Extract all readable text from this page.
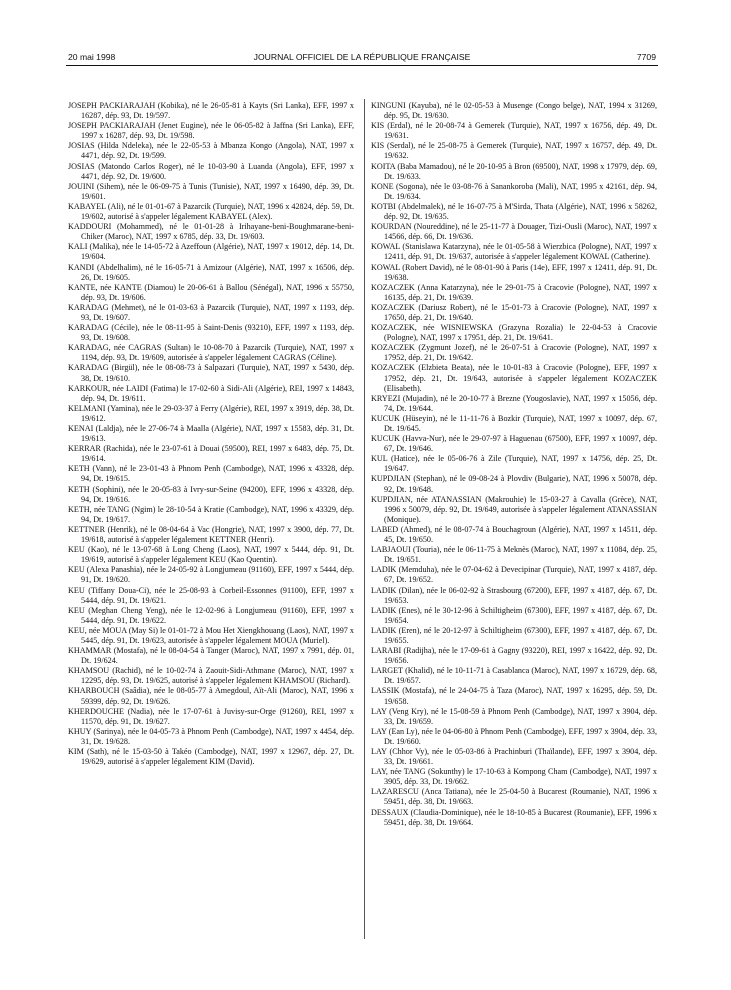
20 mai 1998	JOURNAL OFFICIEL DE LA RÉPUBLIQUE FRANÇAISE	7709

JOSEPH PACKIARAJAH (Kobika), né le 26-05-81 à Kayts (Sri Lanka), EFF, 1997 x 16287, dép. 93, Dt. 19/597.

JOSEPH PACKIARAJAH (Jenet Eugine), née le 06-05-82 à Jaffna (Sri Lanka), EFF, 1997 x 16287, dép. 93, Dt. 19/598.

JOSIAS (Hilda Ndeleka), née le 22-05-53 à Mbanza Kongo (Angola), NAT, 1997 x 4471, dép. 92, Dt. 19/599.

JOSIAS (Matondo Carlos Roger), né le 10-03-90 à Luanda (Angola), EFF, 1997 x 4471, dép. 92, Dt. 19/600.

JOUINI (Sihem), née le 06-09-75 à Tunis (Tunisie), NAT, 1997 x 16490, dép. 39, Dt. 19/601.

KABAYEL (Ali), né le 01-01-67 à Pazarcik (Turquie), NAT, 1996 x 42824, dép. 59, Dt. 19/602, autorisé à s'appeler légalement KABAYEL (Alex).

KADDOURI (Mohammed), né le 01-01-28 à Irihayane-beni-Boughmarane-beni-Chiker (Maroc), NAT, 1997 x 6785, dép. 33, Dt. 19/603.

KALI (Malika), née le 14-05-72 à Azeffoun (Algérie), NAT, 1997 x 19012, dép. 14, Dt. 19/604.

KANDI (Abdelhalim), né le 16-05-71 à Amizour (Algérie), NAT, 1997 x 16506, dép. 26, Dt. 19/605.

KANTE, née KANTE (Diamou) le 20-06-61 à Ballou (Sénégal), NAT, 1996 x 55750, dép. 93, Dt. 19/606.

KARADAG (Mehmet), né le 01-03-63 à Pazarcik (Turquie), NAT, 1997 x 1193, dép. 93, Dt. 19/607.

KARADAG (Cécile), née le 08-11-95 à Saint-Denis (93210), EFF, 1997 x 1193, dép. 93, Dt. 19/608.

KARADAG, née CAGRAS (Sultan) le 10-08-70 à Pazarcik (Turquie), NAT, 1997 x 1194, dép. 93, Dt. 19/609, autorisée à s'appeler légalement CAGRAS (Céline).

KARADAG (Birgül), née le 08-08-73 à Salpazari (Turquie), NAT, 1997 x 5430, dép. 38, Dt. 19/610.

KARKOUR, née LAIDI (Fatima) le 17-02-60 à Sidi-Ali (Algérie), REI, 1997 x 14843, dép. 94, Dt. 19/611.

KELMANI (Yamina), née le 29-03-37 à Ferry (Algérie), REI, 1997 x 3919, dép. 38, Dt. 19/612.

KENAI (Laldja), née le 27-06-74 à Maalla (Algérie), NAT, 1997 x 15583, dép. 31, Dt. 19/613.

KERRAR (Rachida), née le 23-07-61 à Douai (59500), REI, 1997 x 6483, dép. 75, Dt. 19/614.

KETH (Vann), né le 23-01-43 à Phnom Penh (Cambodge), NAT, 1996 x 43328, dép. 94, Dt. 19/615.

KETH (Sophini), née le 20-05-83 à Ivry-sur-Seine (94200), EFF, 1996 x 43328, dép. 94, Dt. 19/616.

KETH, née TANG (Ngim) le 28-10-54 à Kratie (Cambodge), NAT, 1996 x 43329, dép. 94, Dt. 19/617.

KETTNER (Henrik), né le 08-04-64 à Vac (Hongrie), NAT, 1997 x 3900, dép. 77, Dt. 19/618, autorisé à s'appeler légalement KETTNER (Henri).

KEU (Kao), né le 13-07-68 à Long Cheng (Laos), NAT, 1997 x 5444, dép. 91, Dt. 19/619, autorisé à s'appeler légalement KEU (Kao Quentin).

KEU (Alexa Panashia), née le 24-05-92 à Longjumeau (91160), EFF, 1997 x 5444, dép. 91, Dt. 19/620.

KEU (Tiffany Doua-Ci), née le 25-08-93 à Corbeil-Essonnes (91100), EFF, 1997 x 5444, dép. 91, Dt. 19/621.

KEU (Meghan Cheng Yeng), née le 12-02-96 à Longjumeau (91160), EFF, 1997 x 5444, dép. 91, Dt. 19/622.

KEU, née MOUA (May Si) le 01-01-72 à Mou Het Xiengkhouang (Laos), NAT, 1997 x 5445, dép. 91, Dt. 19/623, autorisée à s'appeler légalement MOUA (Muriel).

KHAMMAR (Mostafa), né le 08-04-54 à Tanger (Maroc), NAT, 1997 x 7991, dép. 01, Dt. 19/624.

KHAMSOU (Rachid), né le 10-02-74 à Zaouit-Sidi-Athmane (Maroc), NAT, 1997 x 12295, dép. 93, Dt. 19/625, autorisé à s'appeler légalement KHAMSOU (Richard).

KHARBOUCH (Saâdia), née le 08-05-77 à Amegdoul, Aït-Ali (Maroc), NAT, 1996 x 59399, dép. 92, Dt. 19/626.

KHERDOUCHE (Nadia), née le 17-07-61 à Juvisy-sur-Orge (91260), REI, 1997 x 11570, dép. 91, Dt. 19/627.

KHUY (Sarinya), née le 04-05-73 à Phnom Penh (Cambodge), NAT, 1997 x 4454, dép. 31, Dt. 19/628.

KIM (Sath), né le 15-03-50 à Takéo (Cambodge), NAT, 1997 x 12967, dép. 27, Dt. 19/629, autorisé à s'appeler légalement KIM (David).

KINGUNI (Kayuba), né le 02-05-53 à Musenge (Congo belge), NAT, 1994 x 31269, dép. 95, Dt. 19/630.

KIS (Erdal), né le 20-08-74 à Gemerek (Turquie), NAT, 1997 x 16756, dép. 49, Dt. 19/631.

KIS (Serdal), né le 25-08-75 à Gemerek (Turquie), NAT, 1997 x 16757, dép. 49, Dt. 19/632.

KOITA (Baba Mamadou), né le 20-10-95 à Bron (69500), NAT, 1998 x 17979, dép. 69, Dt. 19/633.

KONE (Sogona), née le 03-08-76 à Sanankoroba (Mali), NAT, 1995 x 42161, dép. 94, Dt. 19/634.

KOTBI (Abdelmalek), né le 16-07-75 à M'Sirda, Thata (Algérie), NAT, 1996 x 58262, dép. 92, Dt. 19/635.

KOURDAN (Noureddine), né le 25-11-77 à Douager, Tizi-Ousli (Maroc), NAT, 1997 x 14566, dép. 66, Dt. 19/636.

KOWAL (Stanislawa Katarzyna), née le 01-05-58 à Wierzbica (Pologne), NAT, 1997 x 12411, dép. 91, Dt. 19/637, autorisée à s'appeler légalement KOWAL (Catherine).

KOWAL (Robert David), né le 08-01-90 à Paris (14e), EFF, 1997 x 12411, dép. 91, Dt. 19/638.

KOZACZEK (Anna Katarzyna), née le 29-01-75 à Cracovie (Pologne), NAT, 1997 x 16135, dép. 21, Dt. 19/639.

KOZACZEK (Dariusz Robert), né le 15-01-73 à Cracovie (Pologne), NAT, 1997 x 17650, dép. 21, Dt. 19/640.

KOZACZEK, née WISNIEWSKA (Grazyna Rozalia) le 22-04-53 à Cracovie (Pologne), NAT, 1997 x 17951, dép. 21, Dt. 19/641.

KOZACZEK (Zygmunt Jozef), né le 26-07-51 à Cracovie (Pologne), NAT, 1997 x 17952, dép. 21, Dt. 19/642.

KOZACZEK (Elzbieta Beata), née le 10-01-83 à Cracovie (Pologne), EFF, 1997 x 17952, dép. 21, Dt. 19/643, autorisée à s'appeler légalement KOZACZEK (Elisabeth).

KRYEZI (Mujadin), né le 20-10-77 à Brezne (Yougoslavie), NAT, 1997 x 15056, dép. 74, Dt. 19/644.

KUCUK (Hüseyin), né le 11-11-76 à Bozkir (Turquie), NAT, 1997 x 10097, dép. 67, Dt. 19/645.

KUCUK (Havva-Nur), née le 29-07-97 à Haguenau (67500), EFF, 1997 x 10097, dép. 67, Dt. 19/646.

KUL (Hatice), née le 05-06-76 à Zile (Turquie), NAT, 1997 x 14756, dép. 25, Dt. 19/647.

KUPDJIAN (Stephan), né le 09-08-24 à Plovdiv (Bulgarie), NAT, 1996 x 50078, dép. 92, Dt. 19/648.

KUPDJIAN, née ATANASSIAN (Makrouhie) le 15-03-27 à Cavalla (Grèce), NAT, 1996 x 50079, dép. 92, Dt. 19/649, autorisée à s'appeler légalement ATANASSIAN (Monique).

LABED (Ahmed), né le 08-07-74 à Bouchagroun (Algérie), NAT, 1997 x 14511, dép. 45, Dt. 19/650.

LABJAOUI (Touria), née le 06-11-75 à Meknès (Maroc), NAT, 1997 x 11084, dép. 25, Dt. 19/651.

LADIK (Memduha), née le 07-04-62 à Devecipinar (Turquie), NAT, 1997 x 4187, dép. 67, Dt. 19/652.

LADIK (Dilan), née le 06-02-92 à Strasbourg (67200), EFF, 1997 x 4187, dép. 67, Dt. 19/653.

LADIK (Enes), né le 30-12-96 à Schiltigheim (67300), EFF, 1997 x 4187, dép. 67, Dt. 19/654.

LADIK (Eren), né le 20-12-97 à Schiltigheim (67300), EFF, 1997 x 4187, dép. 67, Dt. 19/655.

LARABI (Radijha), née le 17-09-61 à Gagny (93220), REI, 1997 x 16422, dép. 92, Dt. 19/656.

LARGET (Khalid), né le 10-11-71 à Casablanca (Maroc), NAT, 1997 x 16729, dép. 68, Dt. 19/657.

LASSIK (Mostafa), né le 24-04-75 à Taza (Maroc), NAT, 1997 x 16295, dép. 59, Dt. 19/658.

LAY (Veng Kry), né le 15-08-59 à Phnom Penh (Cambodge), NAT, 1997 x 3904, dép. 33, Dt. 19/659.

LAY (Ean Ly), née le 04-06-80 à Phnom Penh (Cambodge), EFF, 1997 x 3904, dép. 33, Dt. 19/660.

LAY (Chhor Vy), née le 05-03-86 à Prachinburi (Thaïlande), EFF, 1997 x 3904, dép. 33, Dt. 19/661.

LAY, née TANG (Sokunthy) le 17-10-63 à Kompong Cham (Cambodge), NAT, 1997 x 3905, dép. 33, Dt. 19/662.

LAZARESCU (Anca Tatiana), née le 25-04-50 à Bucarest (Roumanie), NAT, 1996 x 59451, dép. 38, Dt. 19/663.

DESSAUX (Claudia-Dominique), née le 18-10-85 à Bucarest (Roumanie), EFF, 1996 x 59451, dép. 38, Dt. 19/664.
